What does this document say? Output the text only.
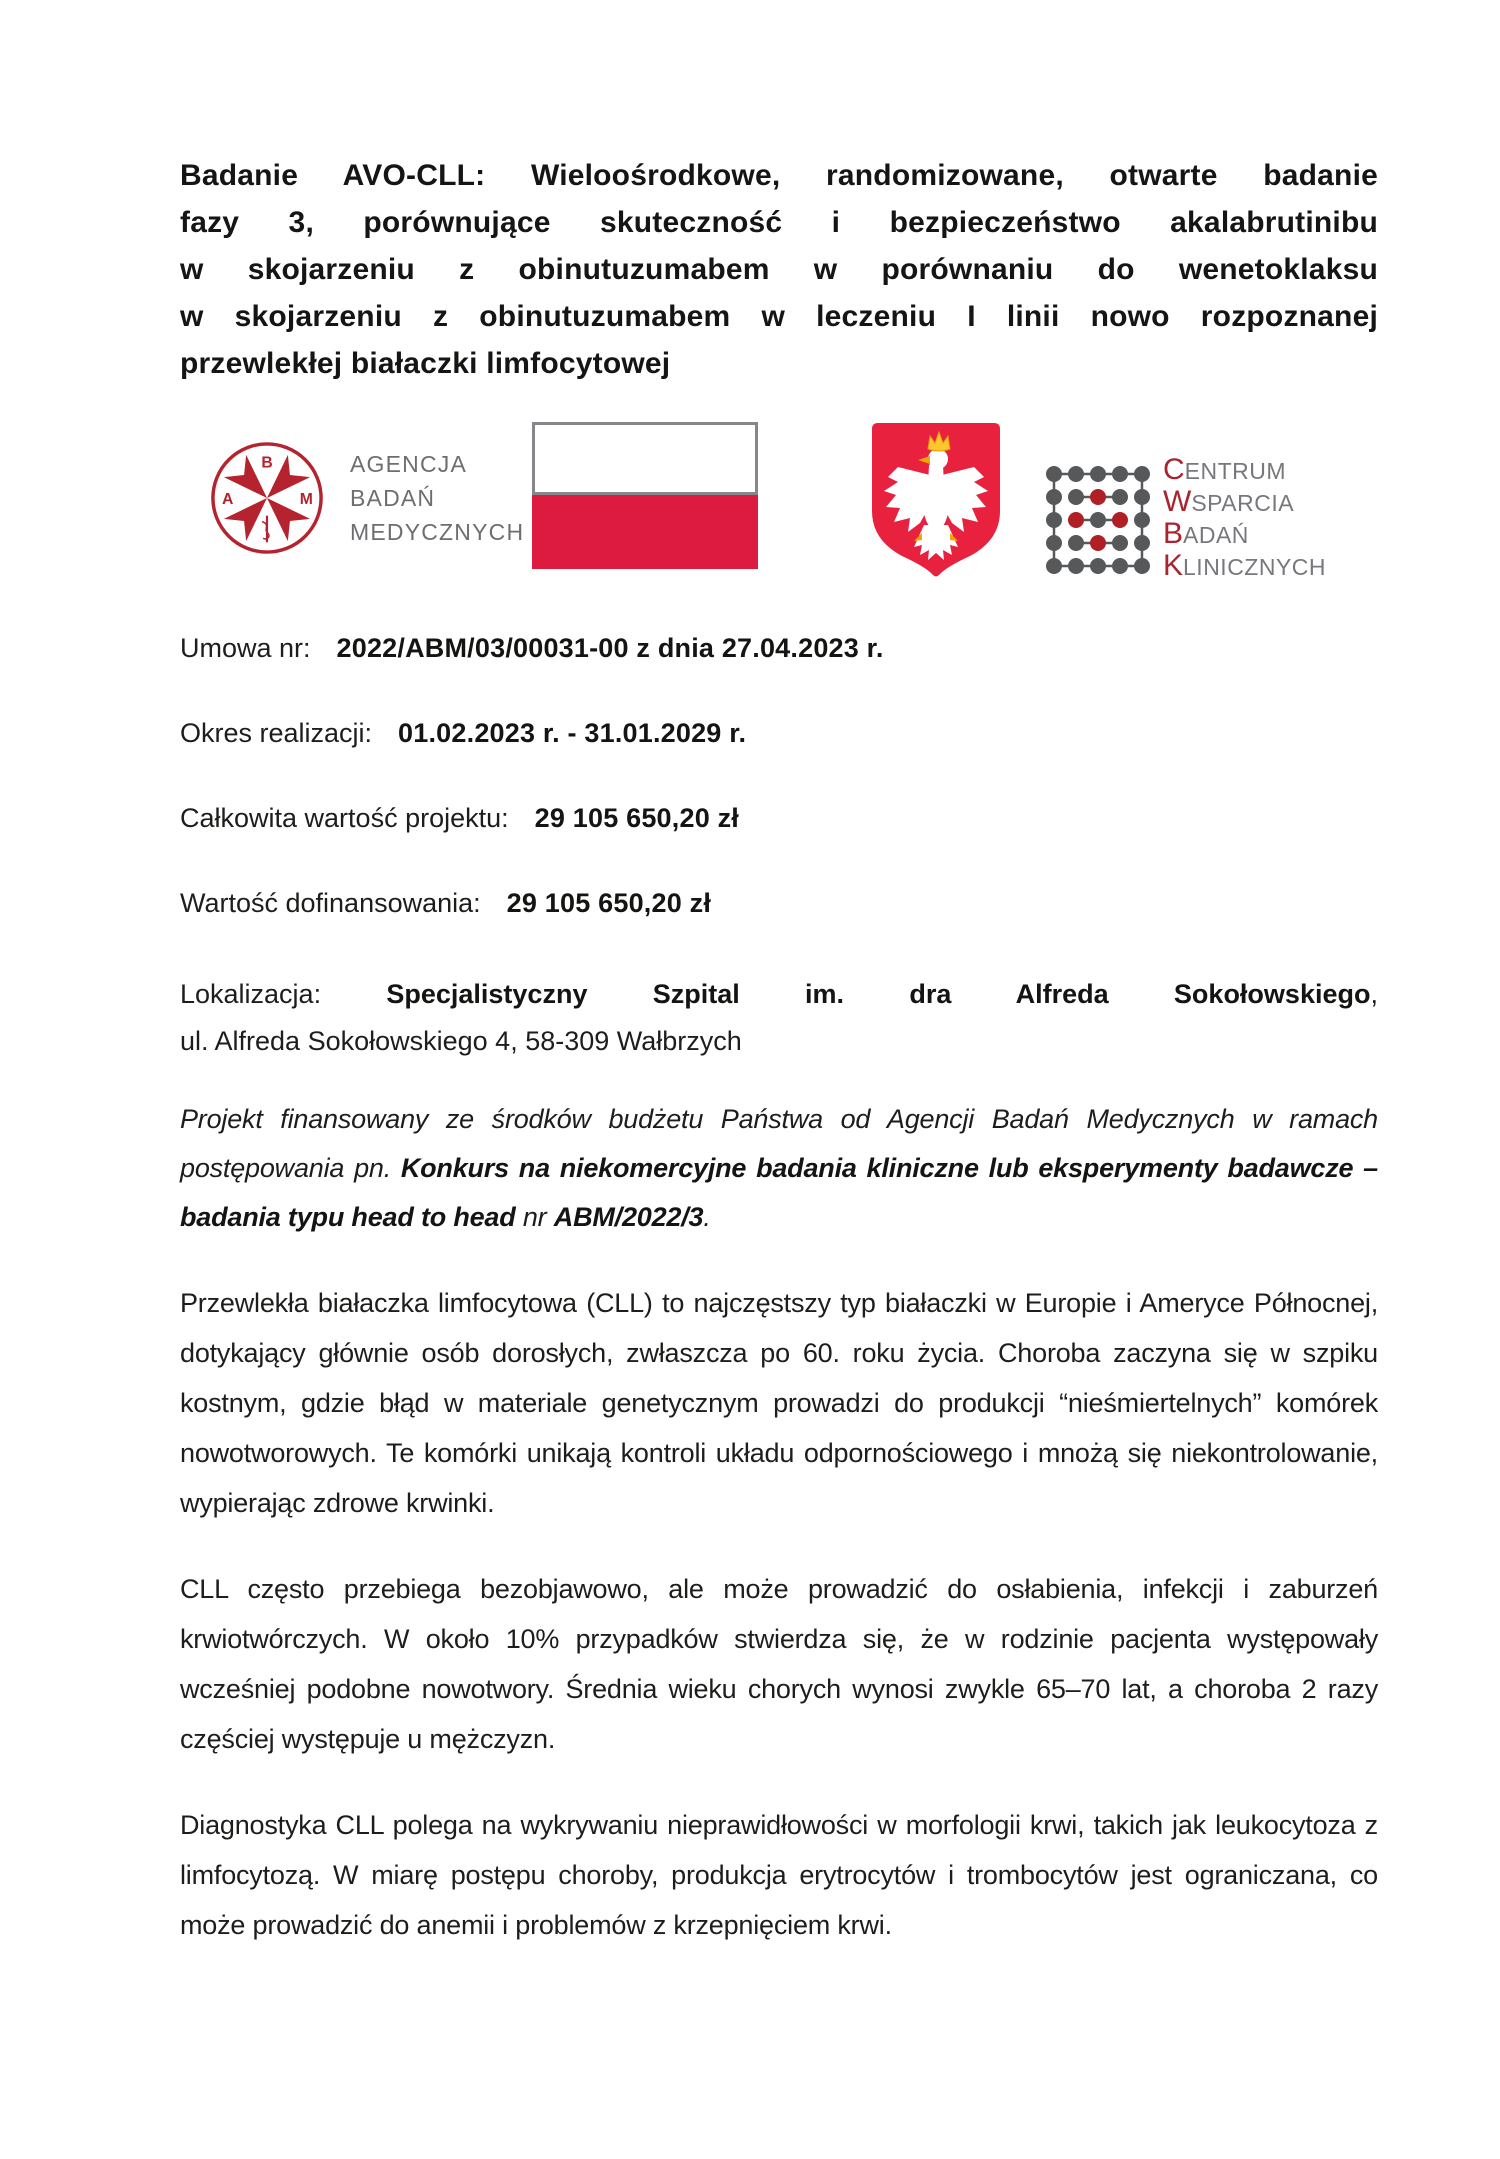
Badanie AVO-CLL: Wieloośrodkowe, randomizowane, otwarte badanie
fazy 3, porównujące skuteczność i bezpieczeństwo akalabrutinibu
w skojarzeniu z obinutuzumabem w porównaniu do wenetoklaksu
w skojarzeniu z obinutuzumabem w leczeniu I linii nowo rozpoznanej
przewlekłej białaczki limfocytowej
B
A	M
AGENCJA
BADAŃ
MEDYCZNYCH
CENTRUM
WSPARCIA
BADAŃ
KLINICZNYCH
Umowa nr: 2022/ABM/03/00031-00 z dnia 27.04.2023 r.
Okres realizacji: 01.02.2023 r. - 31.01.2029 r.
Całkowita wartość projektu: 29 105 650,20 zł
Wartość dofinansowania: 29 105 650,20 zł
Lokalizacja: Specjalistyczny Szpital im. dra Alfreda Sokołowskiego,
ul. Alfreda Sokołowskiego 4, 58-309 Wałbrzych

Projekt finansowany ze środków budżetu Państwa od Agencji Badań Medycznych w ramach postępowania pn. Konkurs na niekomercyjne badania kliniczne lub eksperymenty badawcze – badania typu head to head nr ABM/2022/3.

Przewlekła białaczka limfocytowa (CLL) to najczęstszy typ białaczki w Europie i Ameryce Północnej, dotykający głównie osób dorosłych, zwłaszcza po 60. roku życia. Choroba zaczyna się w szpiku kostnym, gdzie błąd w materiale genetycznym prowadzi do produkcji “nieśmiertelnych” komórek nowotworowych. Te komórki unikają kontroli układu odpornościowego i mnożą się niekontrolowanie, wypierając zdrowe krwinki.

CLL często przebiega bezobjawowo, ale może prowadzić do osłabienia, infekcji i zaburzeń krwiotwórczych. W około 10% przypadków stwierdza się, że w rodzinie pacjenta występowały wcześniej podobne nowotwory. Średnia wieku chorych wynosi zwykle 65–70 lat, a choroba 2 razy częściej występuje u mężczyzn.

Diagnostyka CLL polega na wykrywaniu nieprawidłowości w morfologii krwi, takich jak leukocytoza z limfocytozą. W miarę postępu choroby, produkcja erytrocytów i trombocytów jest ograniczana, co może prowadzić do anemii i problemów z krzepnięciem krwi.
